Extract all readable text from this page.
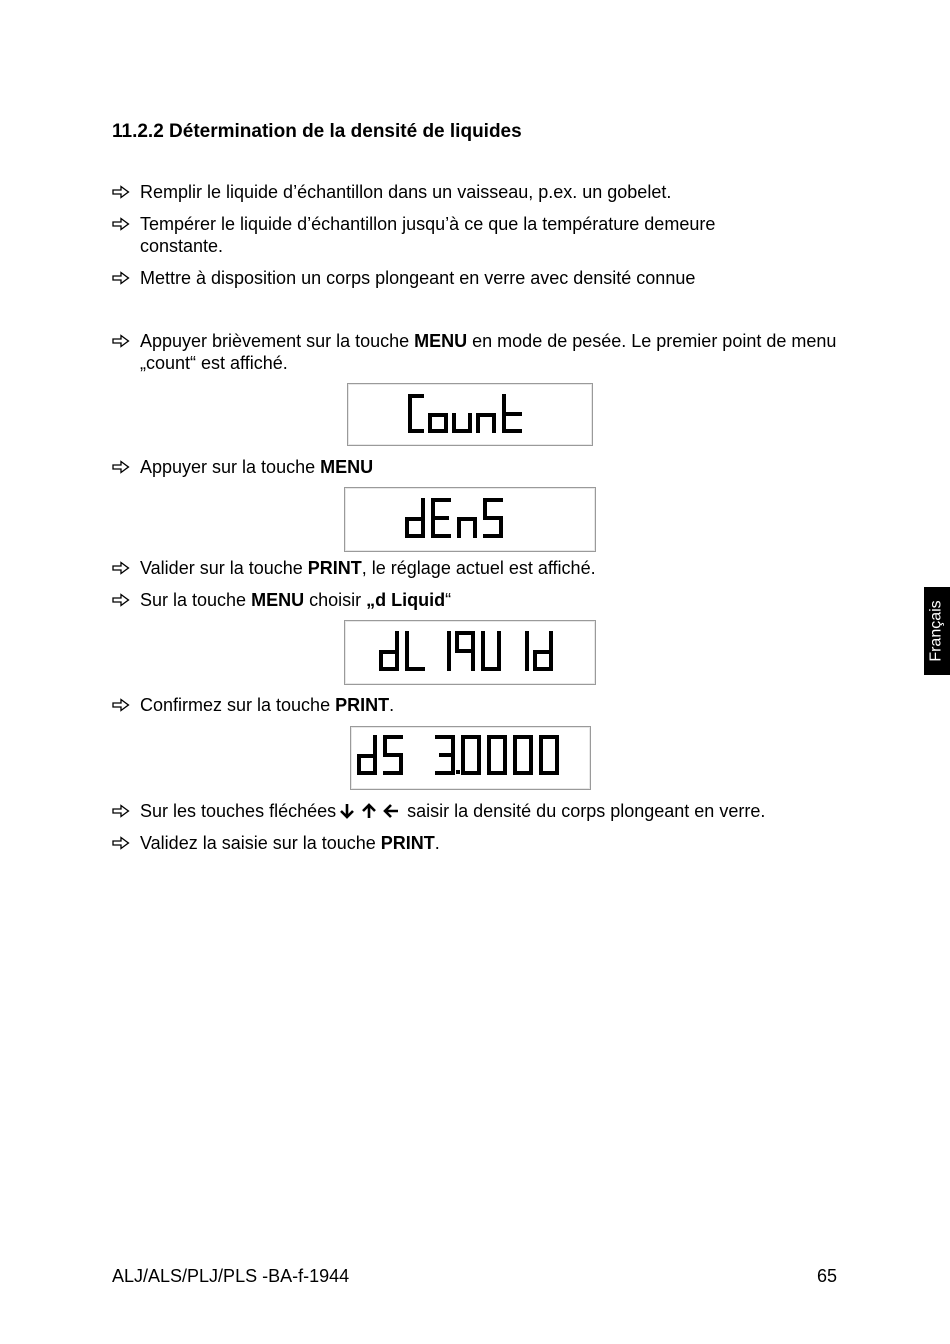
11.2.2 Détermination de la densité de liquides
Remplir le liquide d’échantillon dans un vaisseau, p.ex. un gobelet.
Tempérer le liquide d’échantillon jusqu’à ce que la température demeure constante.
Mettre à disposition un corps plongeant en verre avec densité connue
Appuyer brièvement sur la touche MENU en mode de pesée. Le premier point de menu „count“ est affiché.
Appuyer sur la touche MENU
Valider sur la touche PRINT, le réglage actuel est affiché.
Sur la touche MENU choisir „d Liquid“
Confirmez sur la touche PRINT.
Sur les touches fléchées	saisir la densité du corps plongeant en verre.
Validez la saisie sur la touche PRINT.
Français
ALJ/ALS/PLJ/PLS -BA-f-1944	65
